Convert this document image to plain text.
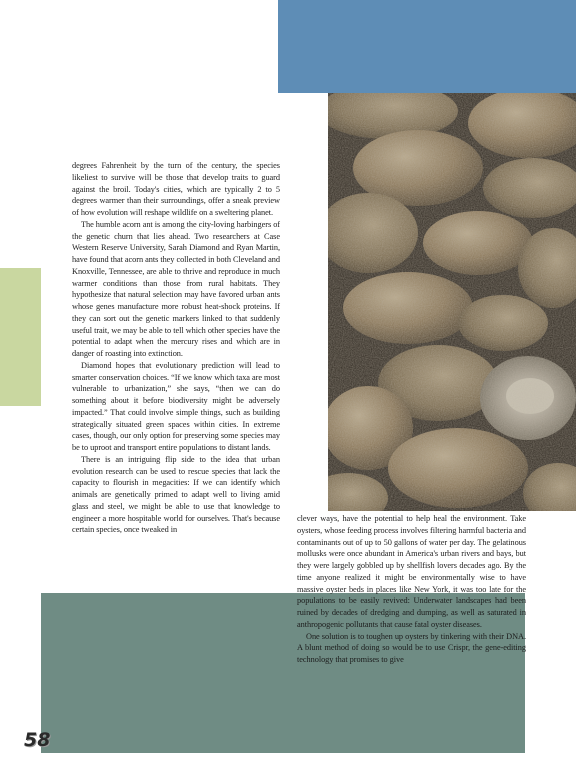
degrees Fahrenheit by the turn of the century, the species likeliest to survive will be those that develop traits to guard against the broil. Today's cities, which are typically 2 to 5 degrees warmer than their surroundings, offer a sneak preview of how evolution will reshape wildlife on a sweltering planet.

The humble acorn ant is among the city-loving harbingers of the genetic churn that lies ahead. Two researchers at Case Western Reserve University, Sarah Diamond and Ryan Martin, have found that acorn ants they collected in both Cleveland and Knoxville, Tennessee, are able to thrive and reproduce in much warmer conditions than those from rural habitats. They hypothesize that natural selection may have favored urban ants whose genes manufacture more robust heat-shock proteins. If they can sort out the genetic markers linked to that suddenly useful trait, we may be able to tell which other species have the potential to adapt when the mercury rises and which are in danger of roasting into extinction.

Diamond hopes that evolutionary prediction will lead to smarter conservation choices. “If we know which taxa are most vulnerable to urbanization,” she says, “then we can do something about it before biodiversity might be adversely impacted.” That could involve simple things, such as building strategically situated green spaces within cities. In extreme cases, though, our only option for preserving some species may be to uproot and transport entire populations to distant lands.

There is an intriguing flip side to the idea that urban evolution research can be used to rescue species that lack the capacity to flourish in megacities: If we can identify which animals are genetically primed to adapt well to living amid glass and steel, we might be able to use that knowledge to engineer a more hospitable world for ourselves. That's because certain species, once tweaked in

clever ways, have the potential to help heal the environment. Take oysters, whose feeding process involves filtering harmful bacteria and contaminants out of up to 50 gallons of water per day. The gelatinous mollusks were once abundant in America's urban rivers and bays, but they were largely gobbled up by shellfish lovers decades ago. By the time anyone realized it might be environmentally wise to have massive oyster beds in places like New York, it was too late for the populations to be easily revived: Underwater landscapes had been ruined by decades of dredging and dumping, as well as saturated in anthropogenic pollutants that cause fatal oyster diseases.

One solution is to toughen up oysters by tinkering with their DNA. A blunt method of doing so would be to use Crispr, the gene-editing technology that promises to give

58
